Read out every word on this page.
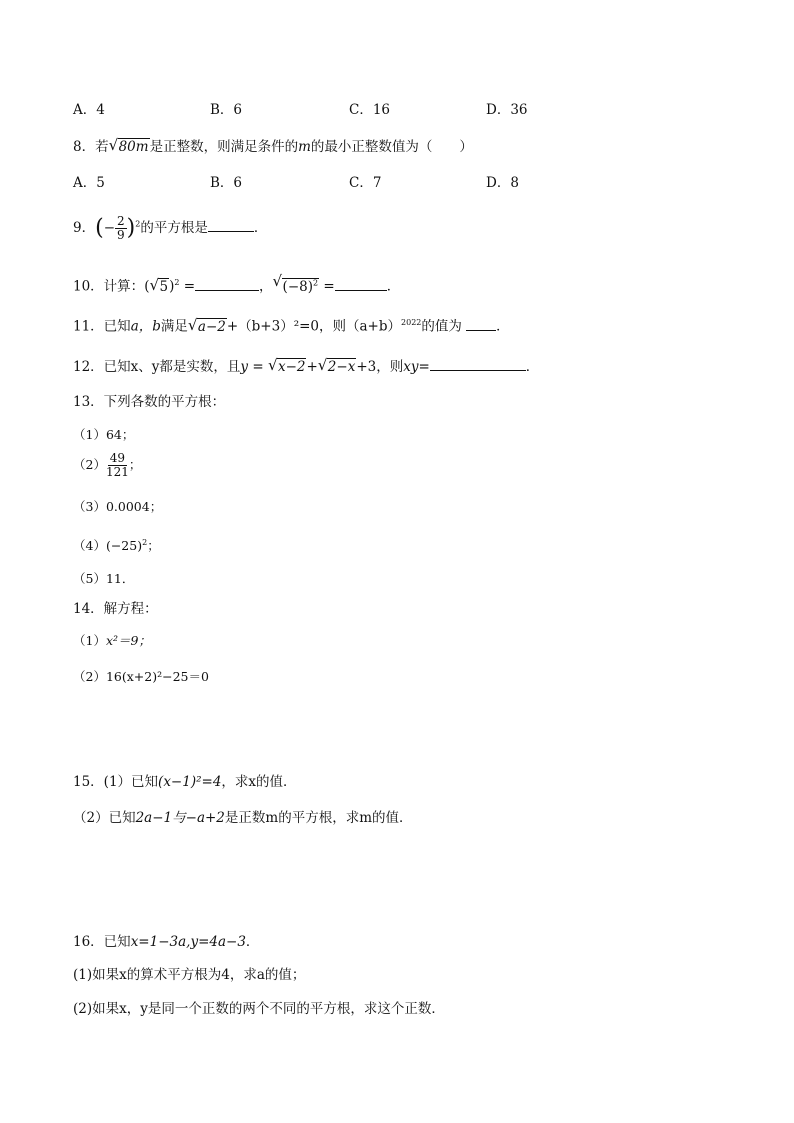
A．4	B．6	C．16	D．36
8．若 √ 80m是正整数，则满足条件的m的最小正整数值为（　　）
A．5	B．6	C．7	D．8
9．(− $\frac{2}{9} )^2$的平方根是	．
10．计算：( √ 5)$^2$ =	， √ $(-8)^2$ =	．
11．已知a，b满足 √ a−2+（b+3）²=0，则$(a+b)^{2022}$的值为	．
12．已知x、y都是实数，且y = √ x−2+ √ 2−x+3，则xy=	．
13．下列各数的平方根：
（1）64；
$(2) \frac{49}{121}$ ；
（3）0.0004；
$(4)(-25)^2$；
（5）11．
14．解方程：
（1）x²＝9；
（2）16(x+2)²−25＝0
15．(1）已知(x−1)²=4，求x的值．
（2）已知2a−1与−a+2是正数m的平方根，求m的值．
16．已知x=1−3a,y=4a−3．
(1)如果x的算术平方根为4，求a的值；
(2)如果x，y是同一个正数的两个不同的平方根，求这个正数．
